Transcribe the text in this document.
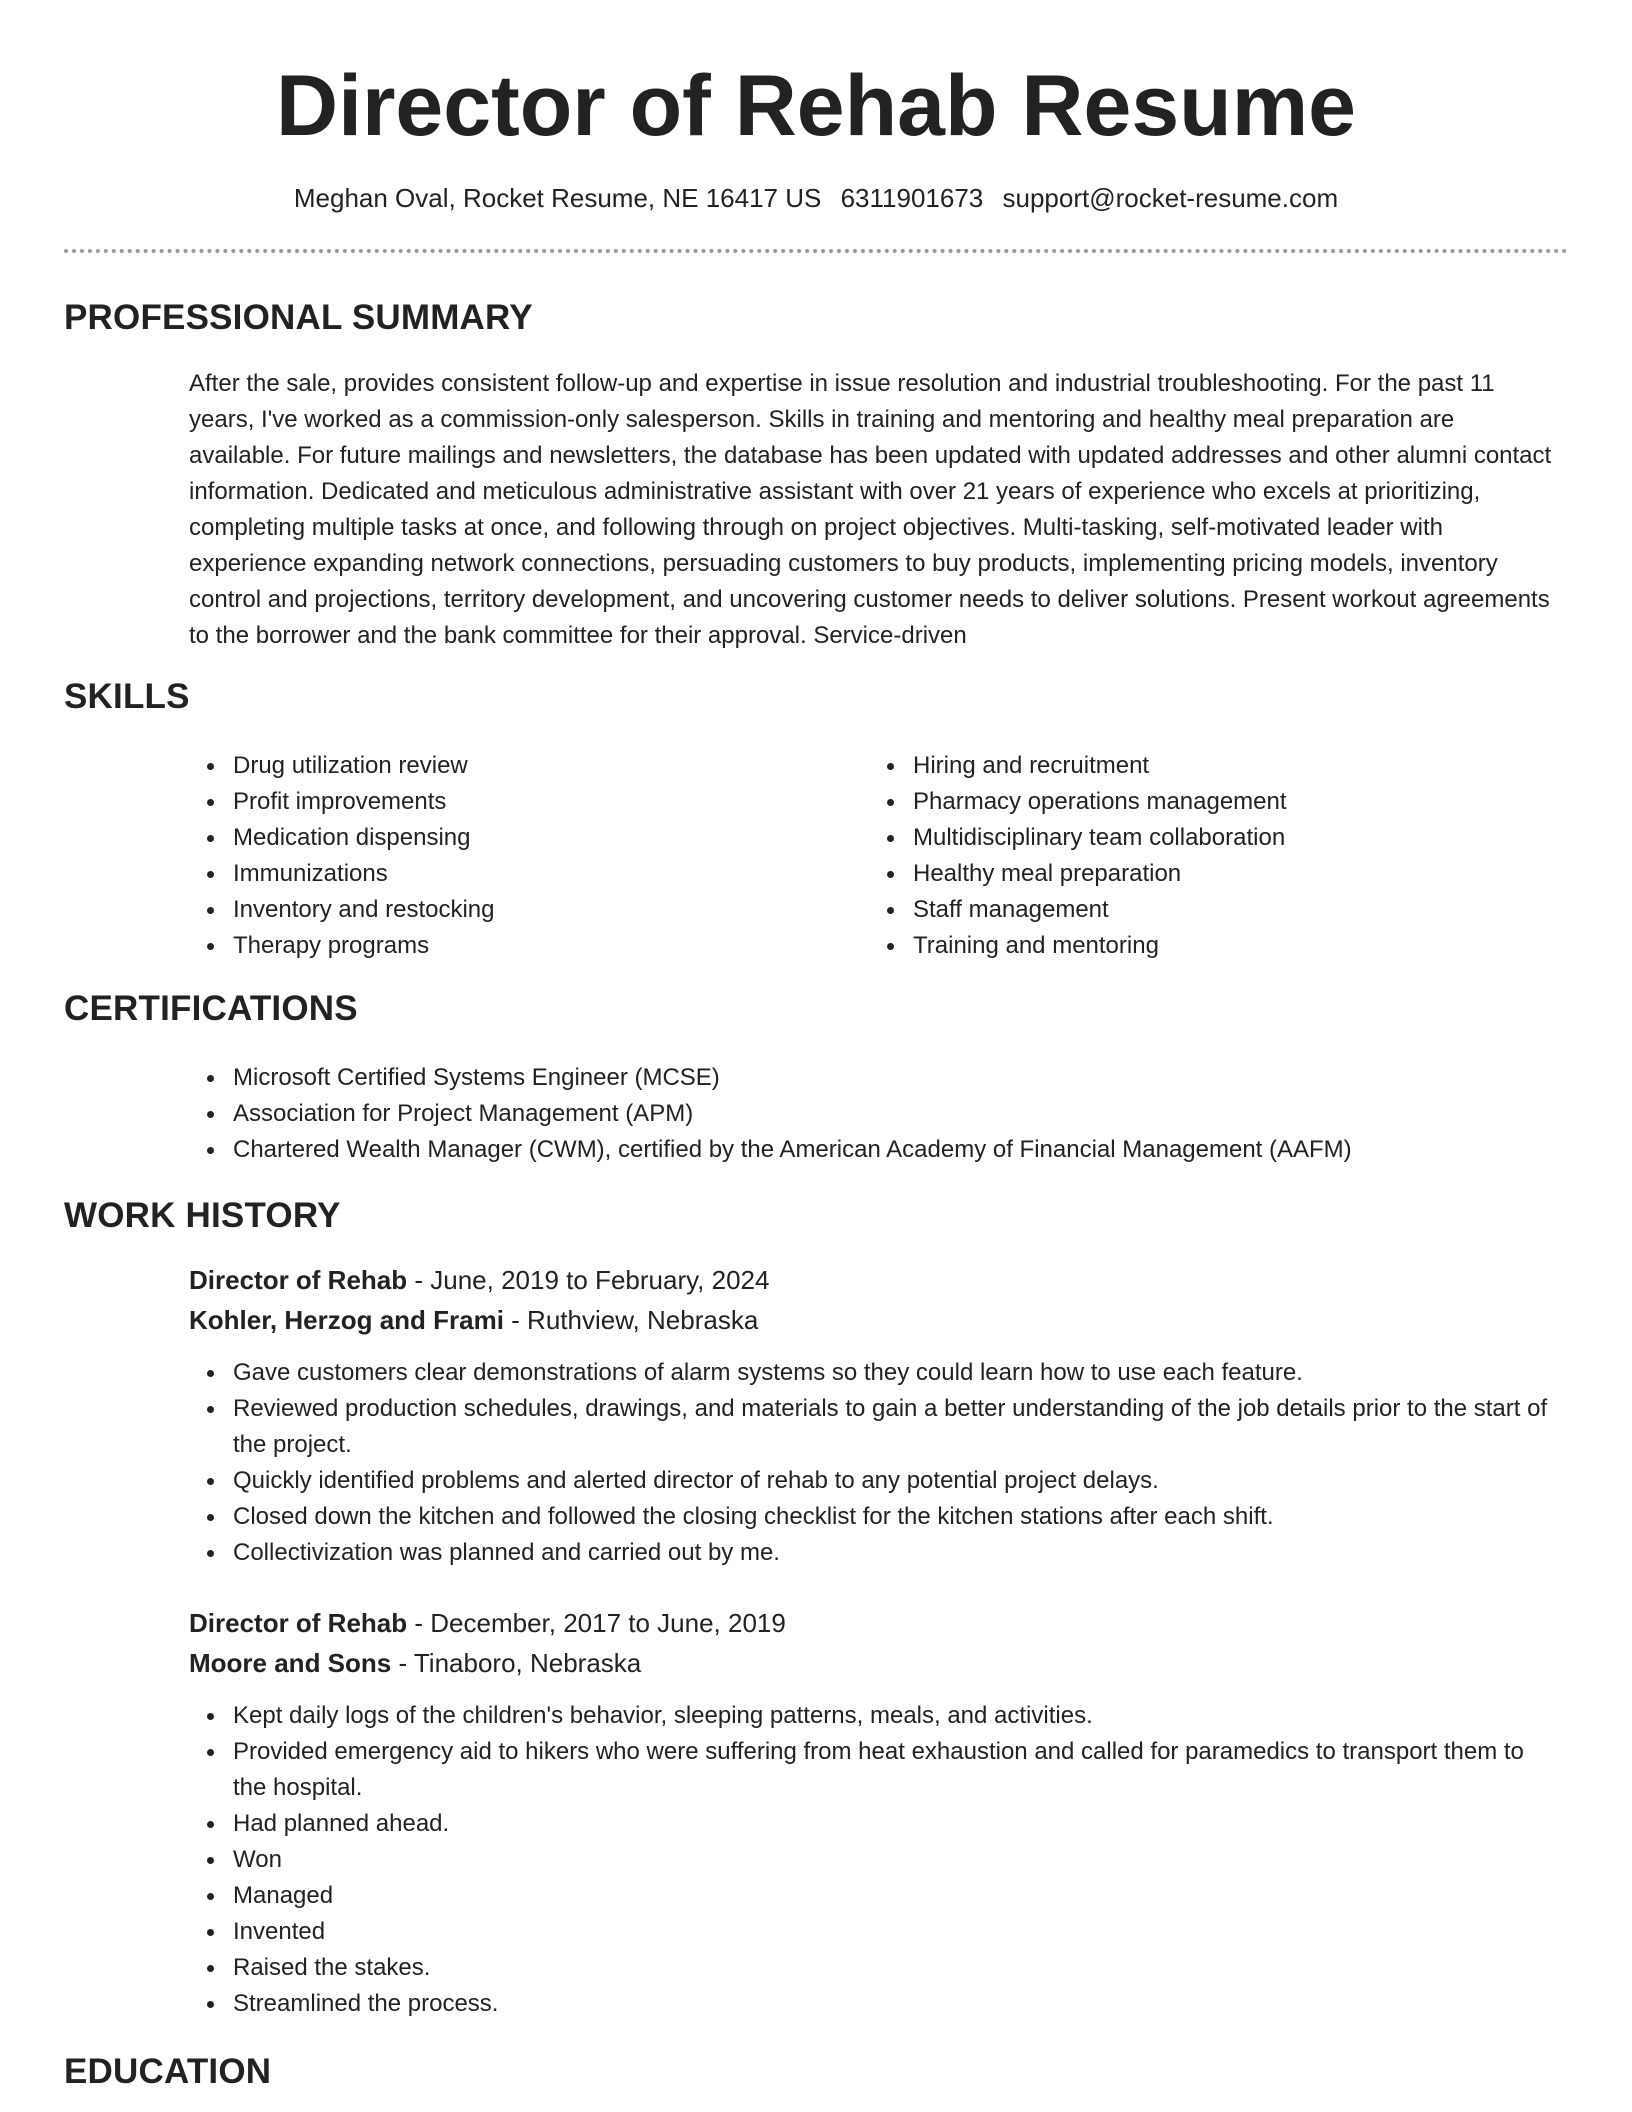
Director of Rehab Resume
Meghan Oval, Rocket Resume, NE 16417 US 6311901673 support@rocket-resume.com
PROFESSIONAL SUMMARY

After the sale, provides consistent follow-up and expertise in issue resolution and industrial troubleshooting. For the past 11 years, I've worked as a commission-only salesperson. Skills in training and mentoring and healthy meal preparation are available. For future mailings and newsletters, the database has been updated with updated addresses and other alumni contact information. Dedicated and meticulous administrative assistant with over 21 years of experience who excels at prioritizing, completing multiple tasks at once, and following through on project objectives. Multi-tasking, self-motivated leader with experience expanding network connections, persuading customers to buy products, implementing pricing models, inventory control and projections, territory development, and uncovering customer needs to deliver solutions. Present workout agreements to the borrower and the bank committee for their approval. Service-driven

SKILLS
Drug utilization review
Profit improvements
Medication dispensing
Immunizations
Inventory and restocking
Therapy programs
Hiring and recruitment
Pharmacy operations management
Multidisciplinary team collaboration
Healthy meal preparation
Staff management
Training and mentoring
CERTIFICATIONS
Microsoft Certified Systems Engineer (MCSE)
Association for Project Management (APM)
Chartered Wealth Manager (CWM), certified by the American Academy of Financial Management (AAFM)
WORK HISTORY
Director of Rehab - June, 2019 to February, 2024
Kohler, Herzog and Frami - Ruthview, Nebraska
Gave customers clear demonstrations of alarm systems so they could learn how to use each feature.
Reviewed production schedules, drawings, and materials to gain a better understanding of the job details prior to the start of the project.
Quickly identified problems and alerted director of rehab to any potential project delays.
Closed down the kitchen and followed the closing checklist for the kitchen stations after each shift.
Collectivization was planned and carried out by me.
Director of Rehab - December, 2017 to June, 2019
Moore and Sons - Tinaboro, Nebraska
Kept daily logs of the children's behavior, sleeping patterns, meals, and activities.
Provided emergency aid to hikers who were suffering from heat exhaustion and called for paramedics to transport them to the hospital.
Had planned ahead.
Won
Managed
Invented
Raised the stakes.
Streamlined the process.
EDUCATION
